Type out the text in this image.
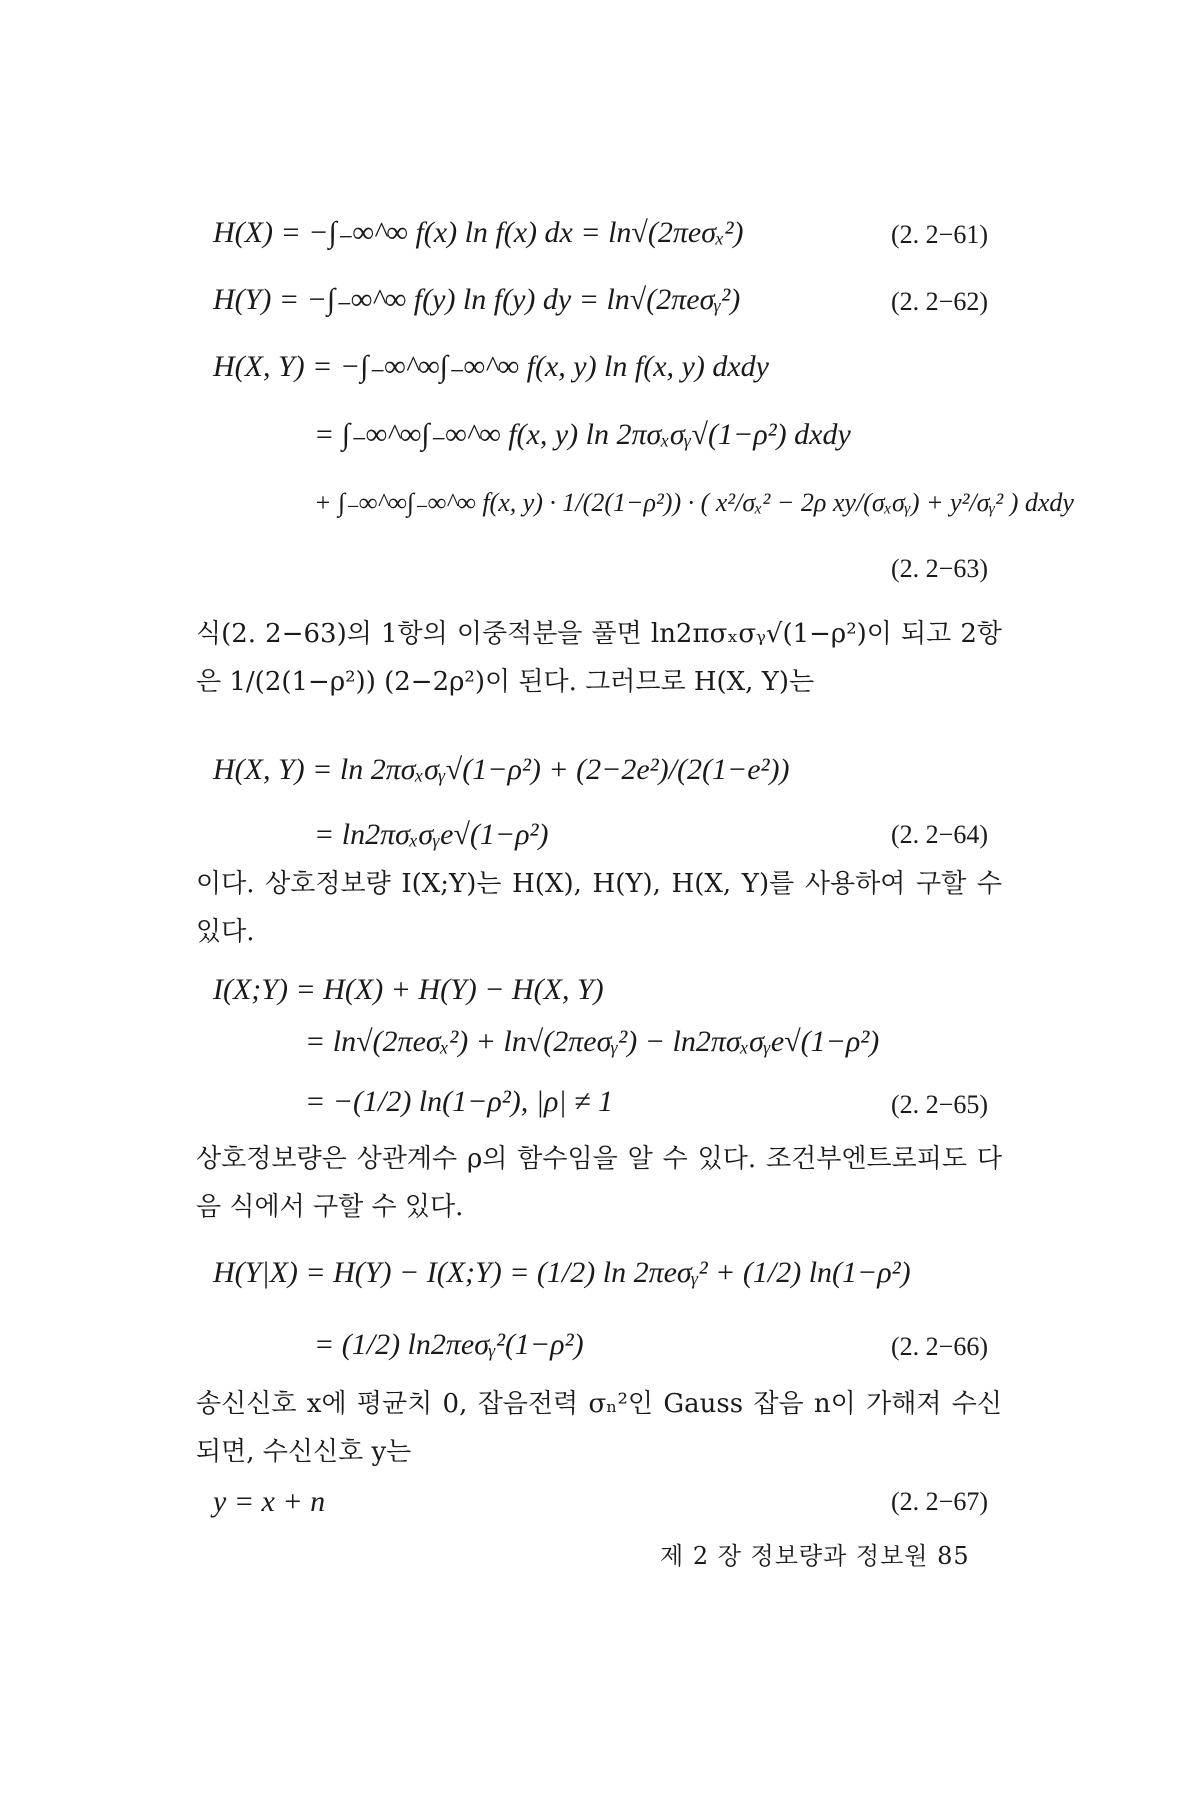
H(X) = −∫₋∞^∞ f(x) ln f(x) dx = ln√(2πeσₓ²)	(2. 2−61)
H(Y) = −∫₋∞^∞ f(y) ln f(y) dy = ln√(2πeσᵧ²)	(2. 2−62)
H(X, Y) = −∫₋∞^∞∫₋∞^∞ f(x, y) ln f(x, y) dxdy
= ∫₋∞^∞∫₋∞^∞ f(x, y) ln 2πσₓσᵧ√(1−ρ²) dxdy
+ ∫₋∞^∞∫₋∞^∞ f(x, y) · 1/(2(1−ρ²)) · ( x²/σₓ² − 2ρ xy/(σₓσᵧ) + y²/σᵧ² ) dxdy
(2. 2−63)
식(2. 2−63)의 1항의 이중적분을 풀면 ln2πσₓσᵧ√(1−ρ²)이 되고 2항은 1/(2(1−ρ²)) (2−2ρ²)이 된다. 그러므로 H(X, Y)는
H(X, Y) = ln 2πσₓσᵧ√(1−ρ²) + (2−2e²)/(2(1−e²))
= ln2πσₓσᵧe√(1−ρ²)	(2. 2−64)
이다. 상호정보량 I(X;Y)는 H(X), H(Y), H(X, Y)를 사용하여 구할 수 있다.
I(X;Y) = H(X) + H(Y) − H(X, Y)
= ln√(2πeσₓ²) + ln√(2πeσᵧ²) − ln2πσₓσᵧe√(1−ρ²)
= −(1/2) ln(1−ρ²), |ρ| ≠ 1	(2. 2−65)
상호정보량은 상관계수 ρ의 함수임을 알 수 있다. 조건부엔트로피도 다음 식에서 구할 수 있다.
H(Y|X) = H(Y) − I(X;Y) = (1/2) ln 2πeσᵧ² + (1/2) ln(1−ρ²)
= (1/2) ln2πeσᵧ²(1−ρ²)	(2. 2−66)
송신신호 x에 평균치 0, 잡음전력 σₙ²인 Gauss 잡음 n이 가해져 수신되면, 수신신호 y는
y = x + n	(2. 2−67)
제 2 장 정보량과 정보원 85
